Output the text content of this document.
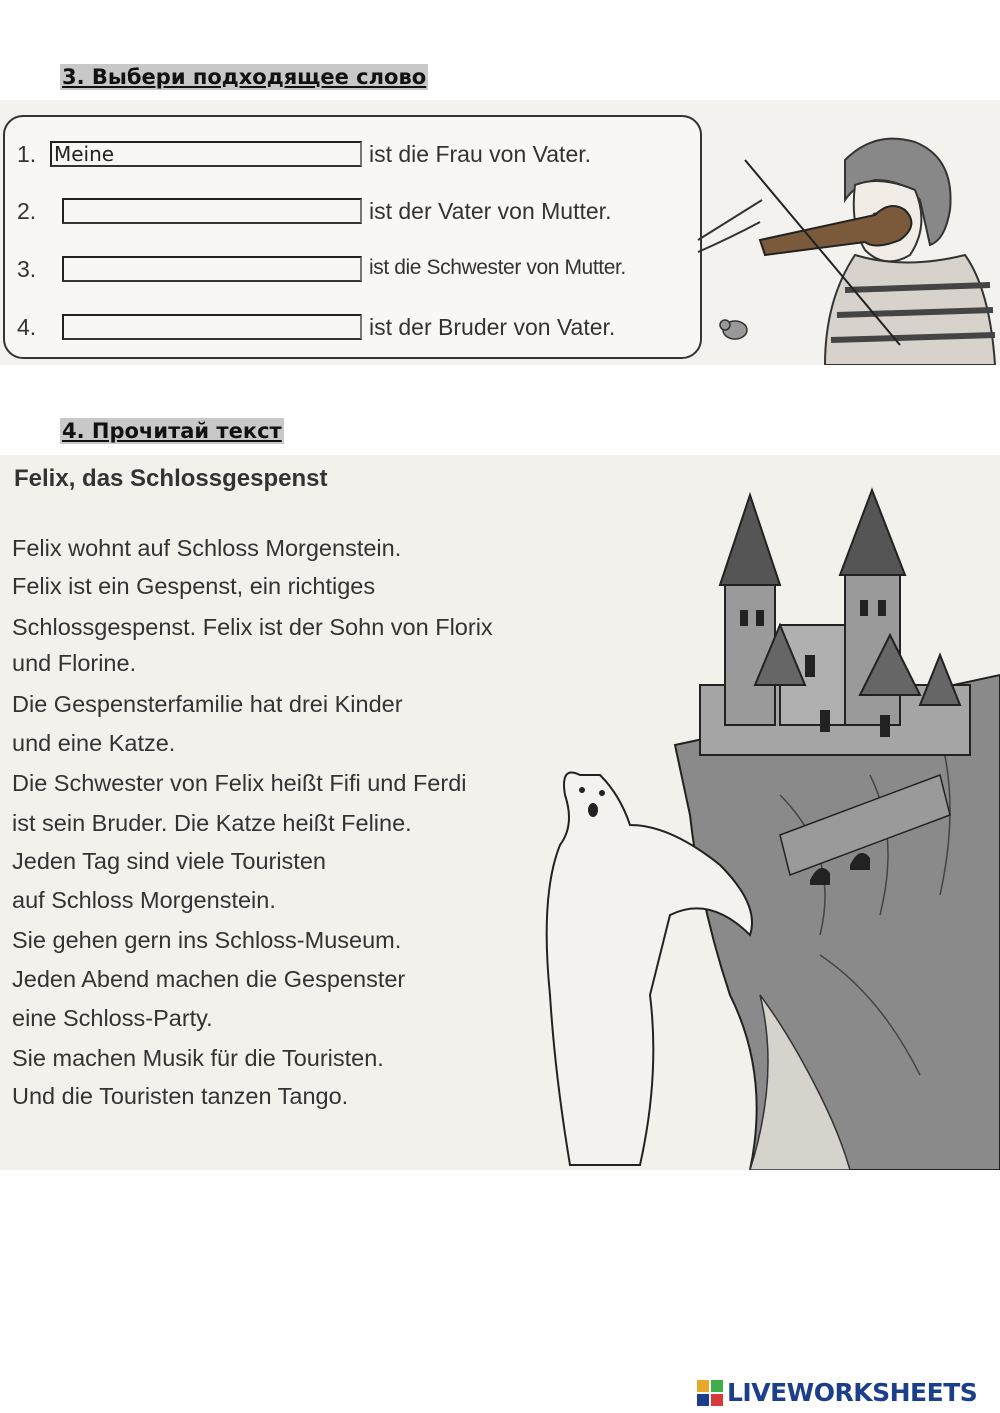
3. Выбери подходящее слово
1.
Meine	ist die Frau von Vater.
2.	ist der Vater von Mutter.
3.	ist die Schwester von Mutter.
4.	ist der Bruder von Vater.
4. Прочитай текст
Felix, das Schlossgespenst
Felix wohnt auf Schloss Morgenstein.
Felix ist ein Gespenst, ein richtiges
Schlossgespenst. Felix ist der Sohn von Florix
und Florine.
Die Gespensterfamilie hat drei Kinder
und eine Katze.
Die Schwester von Felix heißt Fifi und Ferdi
ist sein Bruder. Die Katze heißt Feline.
Jeden Tag sind viele Touristen
auf Schloss Morgenstein.
Sie gehen gern ins Schloss-Museum.
Jeden Abend machen die Gespenster
eine Schloss-Party.
Sie machen Musik für die Touristen.
Und die Touristen tanzen Tango.
LIVEWORKSHEETS
